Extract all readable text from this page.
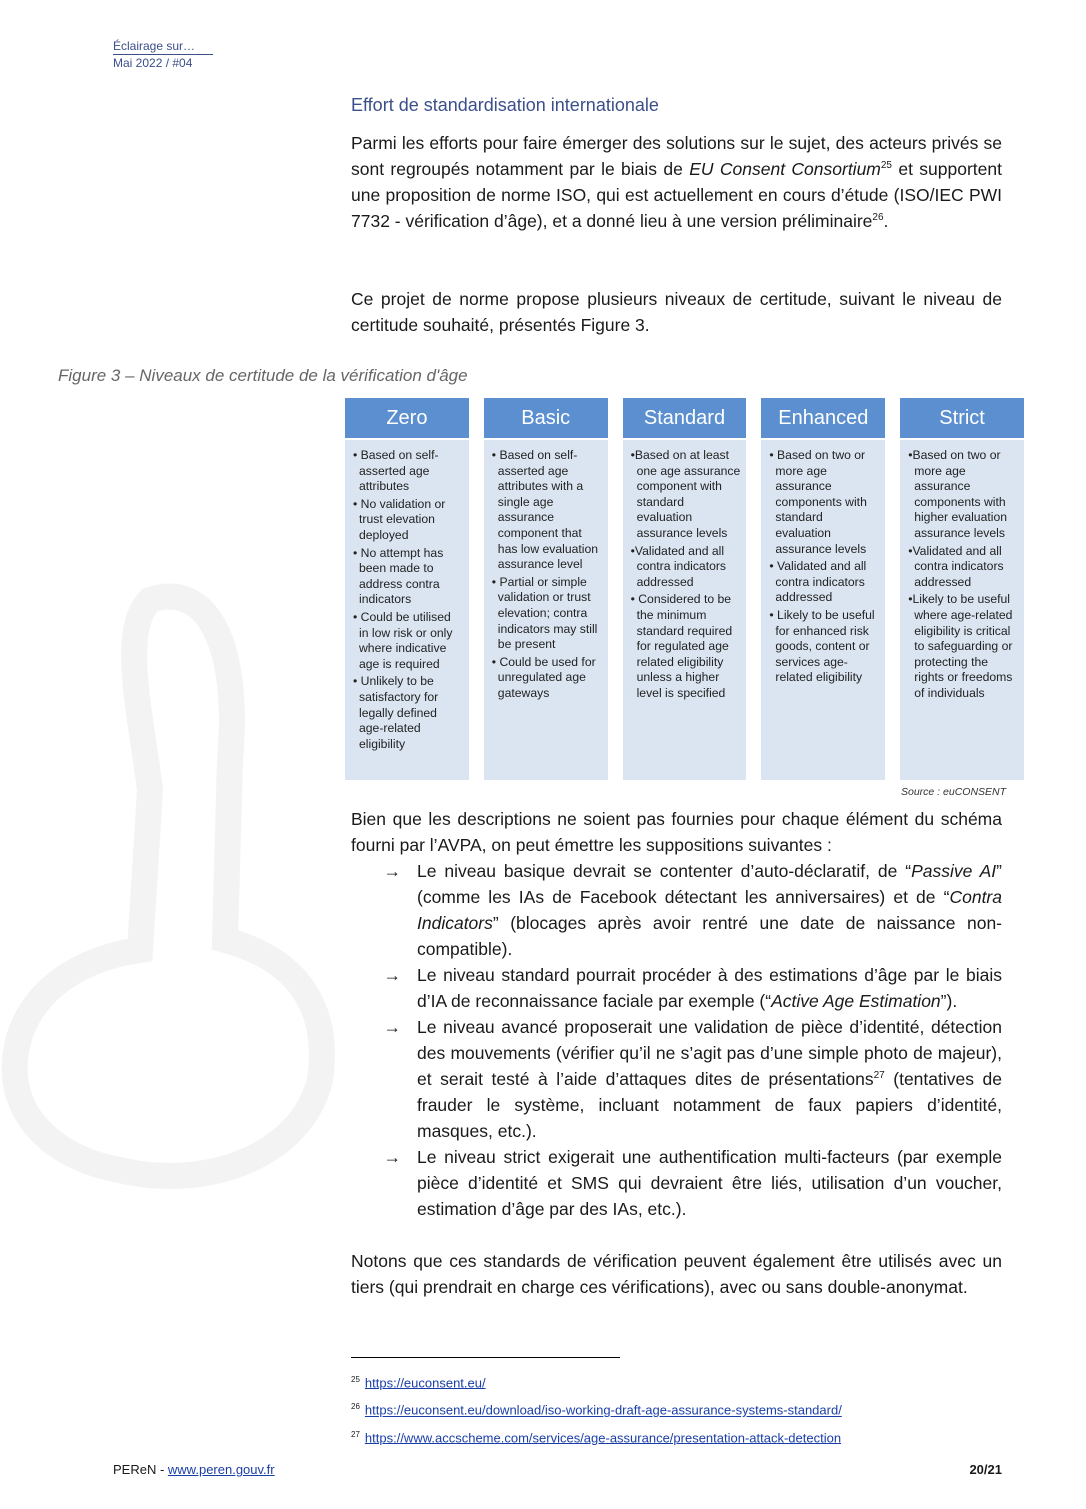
Éclairage sur…
Mai 2022 / #04
Effort de standardisation internationale
Parmi les efforts pour faire émerger des solutions sur le sujet, des acteurs privés se sont regroupés notamment par le biais de EU Consent Consortium$^{25}$ et supportent une proposition de norme ISO, qui est actuellement en cours d’étude (ISO/IEC PWI 7732 - vérification d’âge), et a donné lieu à une version préliminaire$^{26}$.
Ce projet de norme propose plusieurs niveaux de certitude, suivant le niveau de certitude souhaité, présentés Figure 3.
Figure 3 – Niveaux de certitude de la vérification d'âge
Zero
• Based on self-asserted age attributes
• No validation or trust elevation deployed
• No attempt has been made to address contra indicators
• Could be utilised in low risk or only where indicative age is required
• Unlikely to be satisfactory for legally defined age-related eligibility
Basic
• Based on self-asserted age attributes with a single age assurance component that has low evaluation assurance level
• Partial or simple validation or trust elevation; contra indicators may still be present
• Could be used for unregulated age gateways
Standard
•Based on at least one age assurance component with standard evaluation assurance levels
•Validated and all contra indicators addressed
• Considered to be the minimum standard required for regulated age related eligibility unless a higher level is specified
Enhanced
• Based on two or more age assurance components with standard evaluation assurance levels
• Validated and all contra indicators addressed
• Likely to be useful for enhanced risk goods, content or services age-related eligibility
Strict
•Based on two or more age assurance components with higher evaluation assurance levels
•Validated and all contra indicators addressed
•Likely to be useful where age-related eligibility is critical to safeguarding or protecting the rights or freedoms of individuals
Source : euCONSENT
Bien que les descriptions ne soient pas fournies pour chaque élément du schéma fourni par l’AVPA, on peut émettre les suppositions suivantes :
→ Le niveau basique devrait se contenter d’auto-déclaratif, de “Passive AI” (comme les IAs de Facebook détectant les anniversaires) et de “Contra Indicators” (blocages après avoir rentré une date de naissance non-compatible).
→ Le niveau standard pourrait procéder à des estimations d’âge par le biais d’IA de reconnaissance faciale par exemple (“Active Age Estimation”).
→ Le niveau avancé proposerait une validation de pièce d’identité, détection des mouvements (vérifier qu’il ne s’agit pas d’une simple photo de majeur), et serait testé à l’aide d’attaques dites de présentations$^{27}$ (tentatives de frauder le système, incluant notamment de faux papiers d’identité, masques, etc.).
→ Le niveau strict exigerait une authentification multi-facteurs (par exemple pièce d’identité et SMS qui devraient être liés, utilisation d’un voucher, estimation d’âge par des IAs, etc.).
Notons que ces standards de vérification peuvent également être utilisés avec un tiers (qui prendrait en charge ces vérifications), avec ou sans double-anonymat.
$^{25}$ https://euconsent.eu/
$^{26}$ https://euconsent.eu/download/iso-working-draft-age-assurance-systems-standard/
$^{27}$ https://www.accscheme.com/services/age-assurance/presentation-attack-detection
PEReN - www.peren.gouv.fr	20/21
